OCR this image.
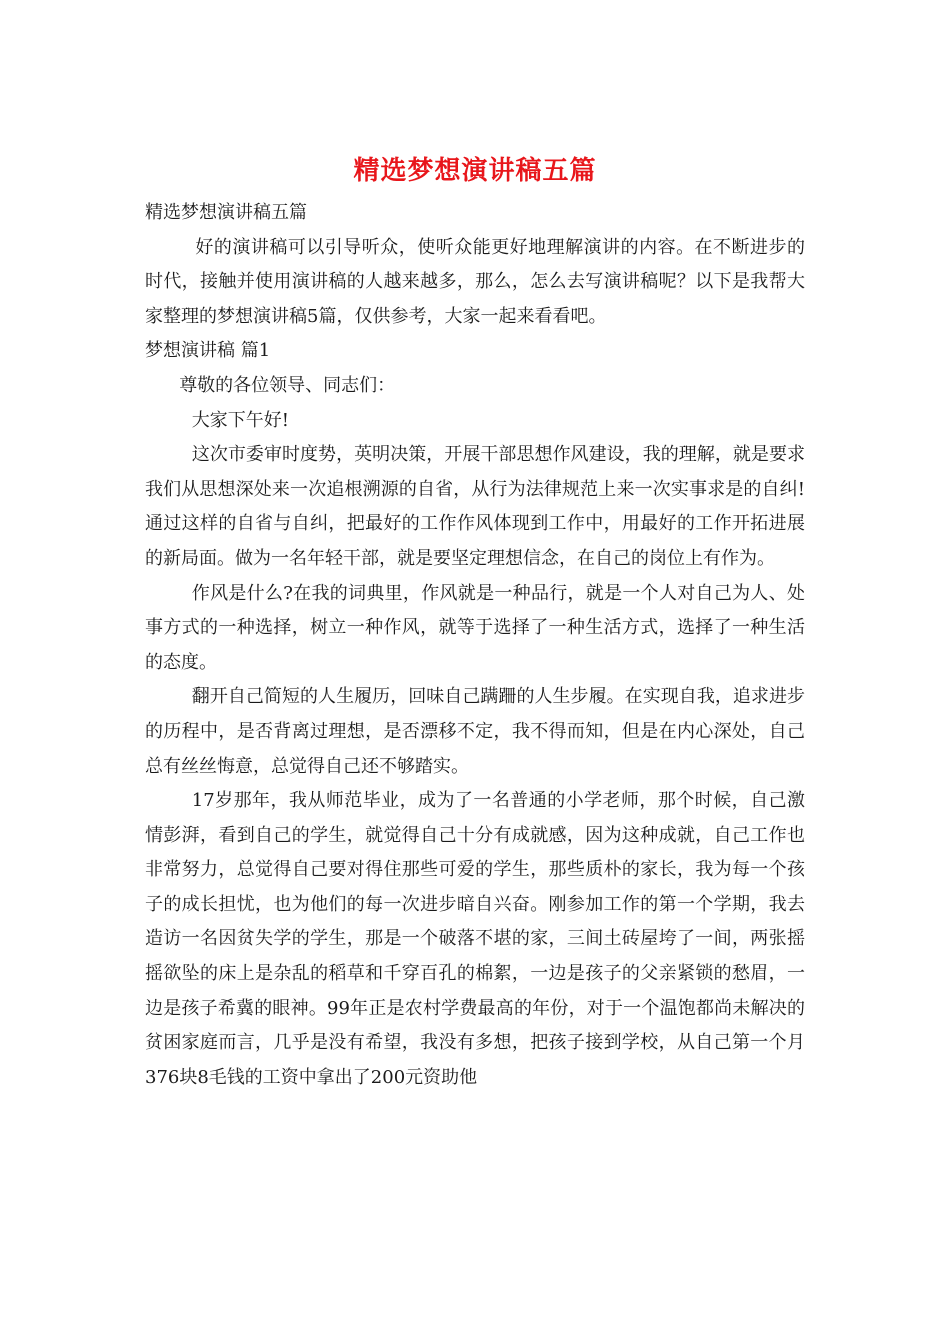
精选梦想演讲稿五篇

精选梦想演讲稿五篇

好的演讲稿可以引导听众，使听众能更好地理解演讲的内容。在不断进步的时代，接触并使用演讲稿的人越来越多，那么，怎么去写演讲稿呢？以下是我帮大家整理的梦想演讲稿5篇，仅供参考，大家一起来看看吧。

梦想演讲稿 篇1

尊敬的各位领导、同志们：

大家下午好!

这次市委审时度势，英明决策，开展干部思想作风建设，我的理解，就是要求我们从思想深处来一次追根溯源的自省，从行为法律规范上来一次实事求是的自纠!通过这样的自省与自纠，把最好的工作作风体现到工作中，用最好的工作开拓进展的新局面。做为一名年轻干部，就是要坚定理想信念，在自己的岗位上有作为。

作风是什么?在我的词典里，作风就是一种品行，就是一个人对自己为人、处事方式的一种选择，树立一种作风，就等于选择了一种生活方式，选择了一种生活的态度。

翻开自己简短的人生履历，回味自己蹒跚的人生步履。在实现自我，追求进步的历程中，是否背离过理想，是否漂移不定，我不得而知，但是在内心深处，自己总有丝丝悔意，总觉得自己还不够踏实。

17岁那年，我从师范毕业，成为了一名普通的小学老师，那个时候，自己激情彭湃，看到自己的学生，就觉得自己十分有成就感，因为这种成就，自己工作也非常努力，总觉得自己要对得住那些可爱的学生，那些质朴的家长，我为每一个孩子的成长担忧，也为他们的每一次进步暗自兴奋。刚参加工作的第一个学期，我去造访一名因贫失学的学生，那是一个破落不堪的家，三间土砖屋垮了一间，两张摇摇欲坠的床上是杂乱的稻草和千穿百孔的棉絮，一边是孩子的父亲紧锁的愁眉，一边是孩子希冀的眼神。99年正是农村学费最高的年份，对于一个温饱都尚未解决的贫困家庭而言，几乎是没有希望，我没有多想，把孩子接到学校，从自己第一个月376块8毛钱的工资中拿出了200元资助他
